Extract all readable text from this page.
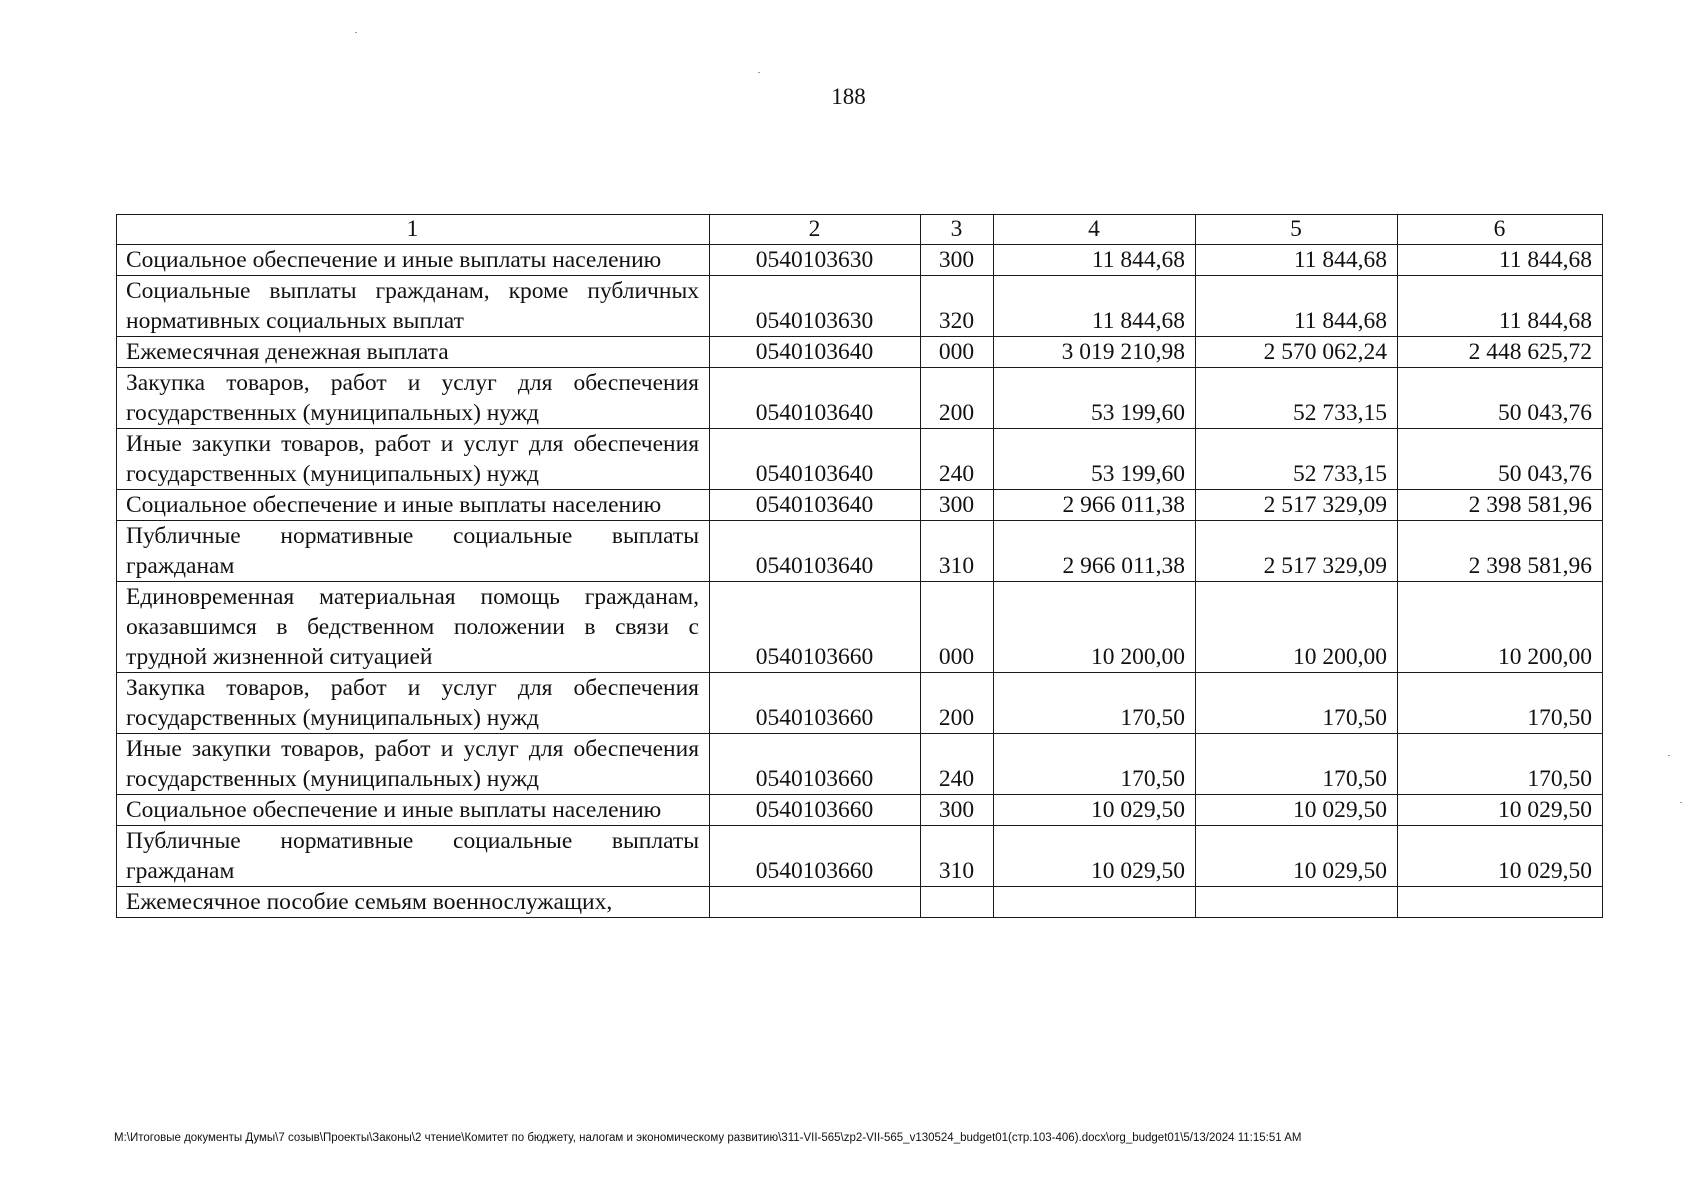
188
1	2	3	4	5	6
Социальное обеспечение и иные выплаты населению	0540103630	300	11 844,68	11 844,68	11 844,68
Социальные выплаты гражданам, кроме публичных нормативных социальных выплат	0540103630	320	11 844,68	11 844,68	11 844,68
Ежемесячная денежная выплата	0540103640	000	3 019 210,98	2 570 062,24	2 448 625,72
Закупка товаров, работ и услуг для обеспечения государственных (муниципальных) нужд	0540103640	200	53 199,60	52 733,15	50 043,76
Иные закупки товаров, работ и услуг для обеспечения государственных (муниципальных) нужд	0540103640	240	53 199,60	52 733,15	50 043,76
Социальное обеспечение и иные выплаты населению	0540103640	300	2 966 011,38	2 517 329,09	2 398 581,96
Публичные нормативные социальные выплаты гражданам	0540103640	310	2 966 011,38	2 517 329,09	2 398 581,96
Единовременная материальная помощь гражданам, оказавшимся в бедственном положении в связи с трудной жизненной ситуацией	0540103660	000	10 200,00	10 200,00	10 200,00
Закупка товаров, работ и услуг для обеспечения государственных (муниципальных) нужд	0540103660	200	170,50	170,50	170,50
Иные закупки товаров, работ и услуг для обеспечения государственных (муниципальных) нужд	0540103660	240	170,50	170,50	170,50
Социальное обеспечение и иные выплаты населению	0540103660	300	10 029,50	10 029,50	10 029,50
Публичные нормативные социальные выплаты гражданам	0540103660	310	10 029,50	10 029,50	10 029,50
Ежемесячное пособие семьям военнослужащих,					
М:\Итоговые документы Думы\7 созыв\Проекты\Законы\2 чтение\Комитет по бюджету, налогам и экономическому развитию\311-VII-565\zp2-VII-565_v130524_budget01(стр.103-406).docx\org_budget01\5/13/2024 11:15:51 AM
